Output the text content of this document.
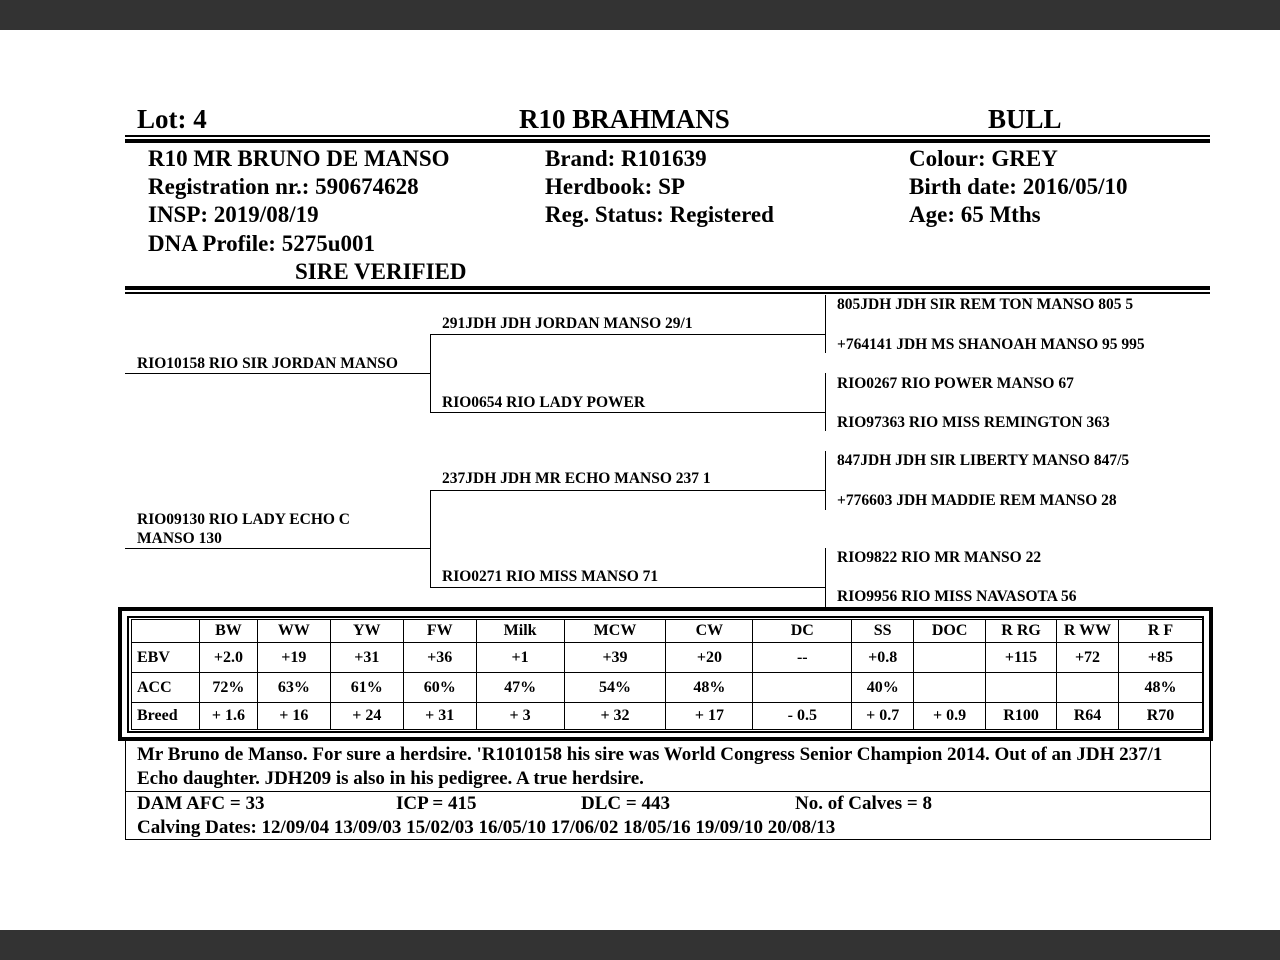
Lot: 4	R10 BRAHMANS	BULL
R10 MR BRUNO DE MANSO
Registration nr.: 590674628
INSP: 2019/08/19
DNA Profile: 5275u001
SIRE VERIFIED
Brand: R101639
Herdbook: SP
Reg. Status: Registered
Colour: GREY
Birth date: 2016/05/10
Age: 65 Mths
RIO10158 RIO SIR JORDAN MANSO
RIO09130 RIO LADY ECHO C
MANSO 130
291JDH JDH JORDAN MANSO 29/1
RIO0654 RIO LADY POWER
237JDH JDH MR ECHO MANSO 237 1
RIO0271 RIO MISS MANSO 71
805JDH JDH SIR REM TON MANSO 805 5
+764141 JDH MS SHANOAH MANSO 95 995
RIO0267 RIO POWER MANSO 67
RIO97363 RIO MISS REMINGTON 363
847JDH JDH SIR LIBERTY MANSO 847/5
+776603 JDH MADDIE REM MANSO 28
RIO9822 RIO MR MANSO 22
RIO9956 RIO MISS NAVASOTA 56
	BW	WW	YW	FW	Milk	MCW	CW	DC	SS	DOC	R RG	R WW	R F
EBV	+2.0	+19	+31	+36	+1	+39	+20	--	+0.8		+115	+72	+85
ACC	72%	63%	61%	60%	47%	54%	48%		40%				48%
Breed	+ 1.6	+ 16	+ 24	+ 31	+ 3	+ 32	+ 17	- 0.5	+ 0.7	+ 0.9	R100	R64	R70
Mr Bruno de Manso. For sure a herdsire. 'R1010158 his sire was World Congress Senior Champion 2014. Out of an JDH 237/1 Echo daughter. JDH209 is also in his pedigree. A true herdsire.
DAM AFC = 33	ICP = 415	DLC = 443	No. of Calves = 8
Calving Dates: 12/09/04 13/09/03 15/02/03 16/05/10 17/06/02 18/05/16 19/09/10 20/08/13
